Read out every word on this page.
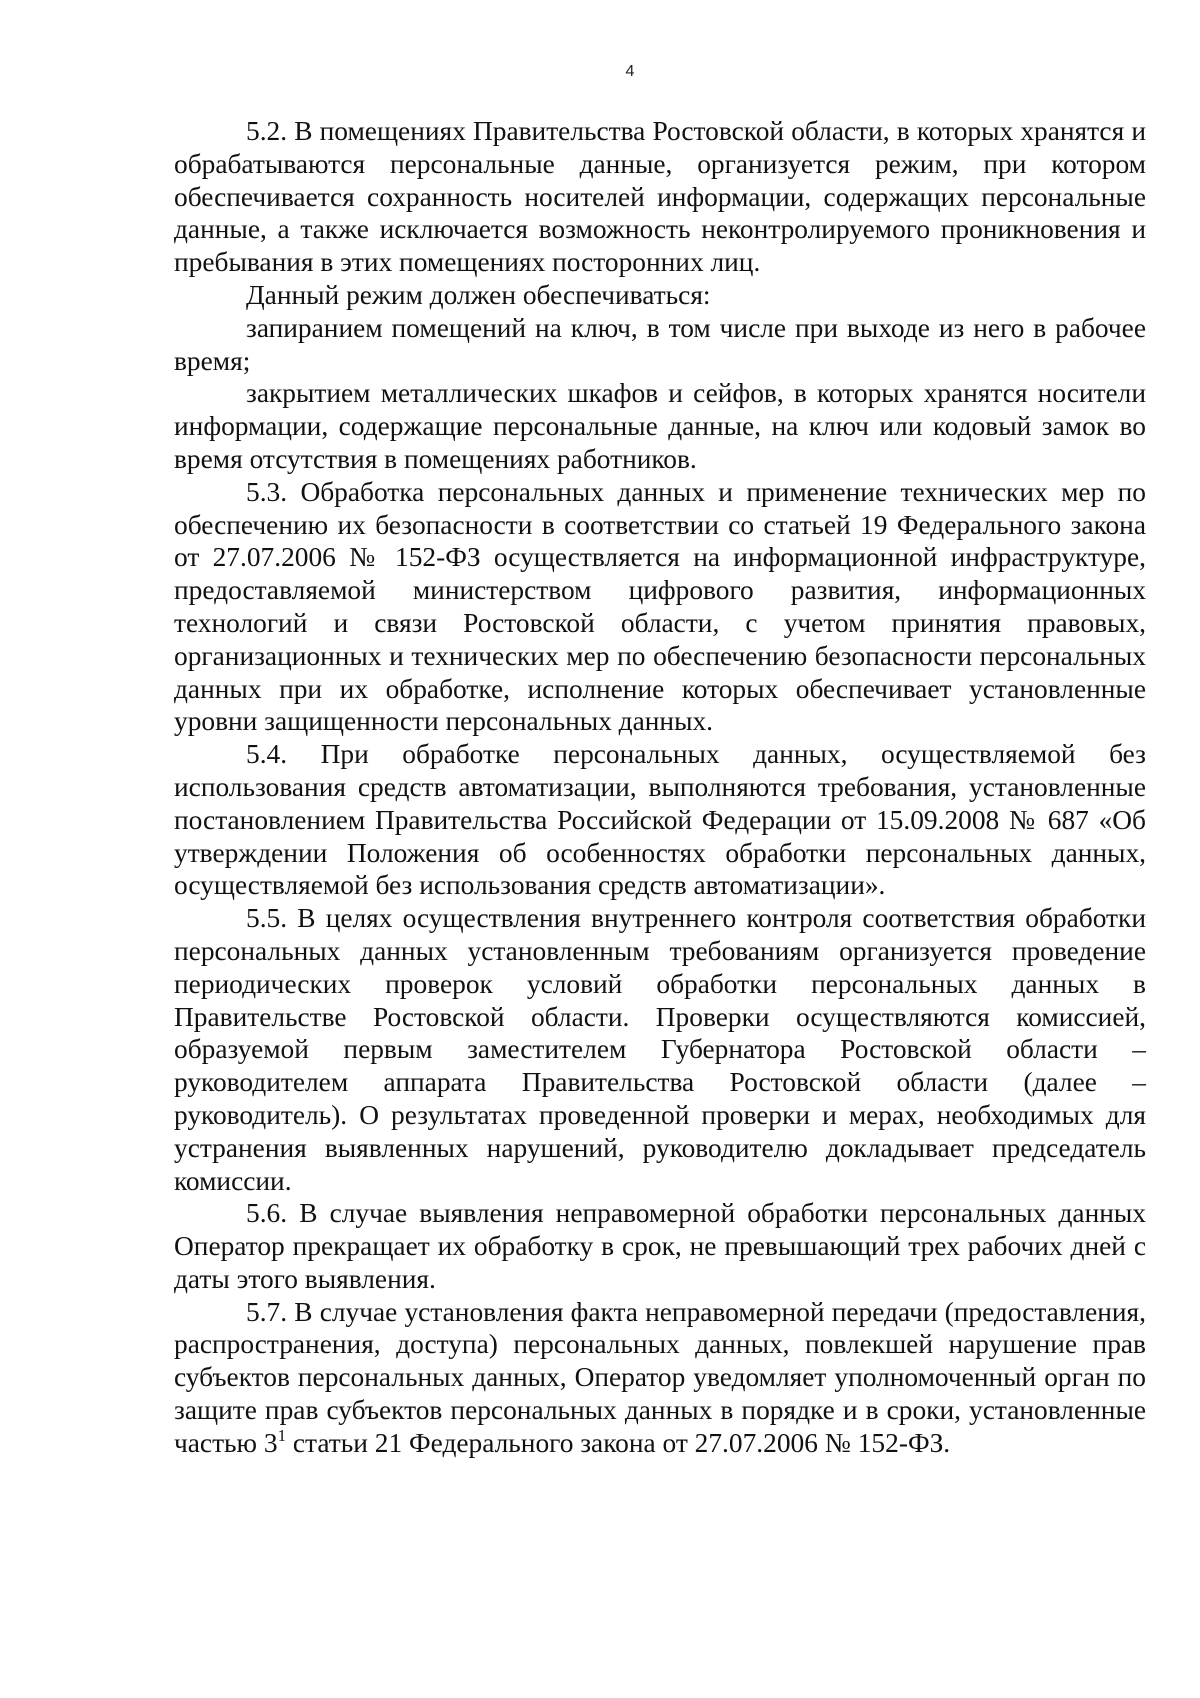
4

5.2. В помещениях Правительства Ростовской области, в которых хранятся и обрабатываются персональные данные, организуется режим, при котором обеспечивается сохранность носителей информации, содержащих персональные данные, а также исключается возможность неконтролируемого проникновения и пребывания в этих помещениях посторонних лиц.

Данный режим должен обеспечиваться:

запиранием помещений на ключ, в том числе при выходе из него в рабочее время;

закрытием металлических шкафов и сейфов, в которых хранятся носители информации, содержащие персональные данные, на ключ или кодовый замок во время отсутствия в помещениях работников.

5.3. Обработка персональных данных и применение технических мер по обеспечению их безопасности в соответствии со статьей 19 Федерального закона от 27.07.2006 № 152-ФЗ осуществляется на информационной инфраструктуре, предоставляемой министерством цифрового развития, информационных технологий и связи Ростовской области, с учетом принятия правовых, организационных и технических мер по обеспечению безопасности персональных данных при их обработке, исполнение которых обеспечивает установленные уровни защищенности персональных данных.

5.4. При обработке персональных данных, осуществляемой без использования средств автоматизации, выполняются требования, установленные постановлением Правительства Российской Федерации от 15.09.2008 № 687 «Об утверждении Положения об особенностях обработки персональных данных, осуществляемой без использования средств автоматизации».

5.5. В целях осуществления внутреннего контроля соответствия обработки персональных данных установленным требованиям организуется проведение периодических проверок условий обработки персональных данных в Правительстве Ростовской области. Проверки осуществляются комиссией, образуемой первым заместителем Губернатора Ростовской области – руководителем аппарата Правительства Ростовской области (далее – руководитель). О результатах проведенной проверки и мерах, необходимых для устранения выявленных нарушений, руководителю докладывает председатель комиссии.

5.6. В случае выявления неправомерной обработки персональных данных Оператор прекращает их обработку в срок, не превышающий трех рабочих дней с даты этого выявления.

5.7. В случае установления факта неправомерной передачи (предоставления, распространения, доступа) персональных данных, повлекшей нарушение прав субъектов персональных данных, Оператор уведомляет уполномоченный орган по защите прав субъектов персональных данных в порядке и в сроки, установленные частью $3^1$ статьи 21 Федерального закона от 27.07.2006 № 152-ФЗ.
